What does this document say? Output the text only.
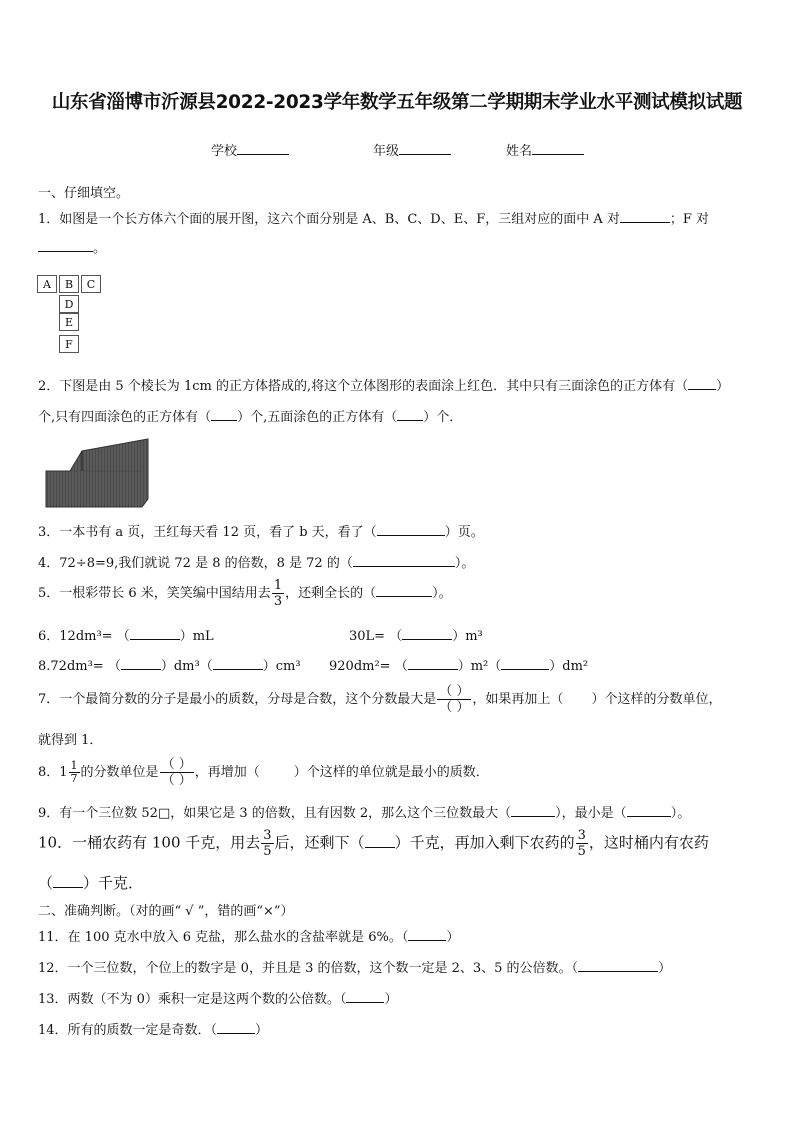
山东省淄博市沂源县2022-2023学年数学五年级第二学期期末学业水平测试模拟试题
学校	年级	姓名
一、仔细填空。
1．如图是一个长方体六个面的展开图，这六个面分别是 A、B、C、D、E、F，三组对应的面中 A 对	；F 对
。
A	B	C
D
E
F
2．下图是由 5 个棱长为 1cm 的正方体搭成的,将这个立体图形的表面涂上红色．其中只有三面涂色的正方体有（ ）
个,只有四面涂色的正方体有（ ）个,五面涂色的正方体有（ ）个．
3．一本书有 a 页，王红每天看 12 页，看了 b 天，看了（	）页。
4．72÷8=9,我们就说 72 是 8 的倍数，8 是 72 的（	）。
5．一根彩带长 6 米，笑笑编中国结用去 $\frac{1}{3}$ ，还剩全长的（	）。
6．12dm³= （	）mL	30L= （	）m³
8.72dm³= （	）dm³（	）cm³ 920dm²= （	）m²（	）dm²
7．一个最简分数的分子是最小的质数，分母是合数，这个分数最大是 $\frac{( )}{( )}$ ，如果再加上（ ）个这样的分数单位，
就得到 1．
8．$1 \frac{1}{7}$ 的分数单位是 $\frac{( )}{( )}$ ，再增加（	）个这样的单位就是最小的质数．
9．有一个三位数 52□，如果它是 3 的倍数，且有因数 2，那么这个三位数最大（	），最小是（	）。
10．一桶农药有 100 千克，用去 $\frac{3}{5}$ 后，还剩下（ ）千克，再加入剩下农药的 $\frac{3}{5}$ ，这时桶内有农药
（ ）千克．
二、准确判断。（对的画“ √ ”，错的画“×”）
11．在 100 克水中放入 6 克盐，那么盐水的含盐率就是 6%。（	）
12．一个三位数，个位上的数字是 0，并且是 3 的倍数，这个数一定是 2、3、5 的公倍数。（	）
13．两数（不为 0）乘积一定是这两个数的公倍数。（	）
14．所有的质数一定是奇数．（	）
